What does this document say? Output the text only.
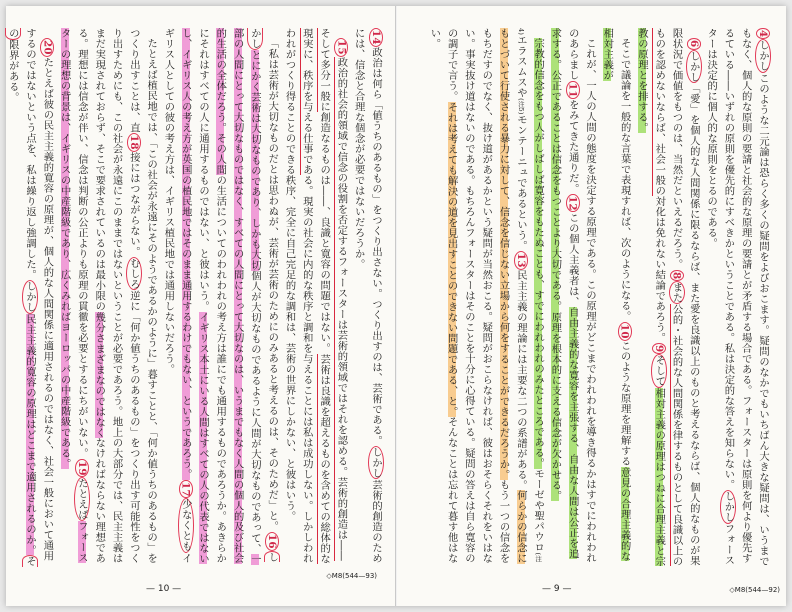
14政治は何ら「値うちのあるもの」をつくり出さない。つくり出すのは、芸術である。しかし芸術的創造のためには、信念と合理な個念が必要ではないだろうか。

15政治的社会的領域で信念の役割を否定するフォースターは芸術的領域ではそれを認める。芸術的創造は――そして多分一般に創造なるものは――、良識と寛容の問題ではない。芸術は良識を超えるものを含めての総体的な現実に、秩序を与える仕事である。現実の社会に内的な秩序と調和を与えることには私は成功しない。しかしわれわれがつくり得ることのできる秩序、完全に自己完足的な調和は、芸術の世界にしかない、と彼はいう。

「私は芸術が大切なものだとは思わぬが、芸術が芸術のためにのみあると考えるのは、そのためだ」と。16しかしとにかく芸術は大切なものであり、しかも大切個人が大切なものであるように人間が大切なものであって、一部の人間にとって大切なものではなく、すべての人間にとって大切なのは、いうまでもなく人間の個人的及び社会的生活の全体だろう。その人間の生活についてのわれわれの考え方は誰にでも通用するものであろうか。あきらかにそれはすべての人に通用するものではない、と彼はいう。イギリス本土にいる人間はすべての人の代表ではないし、イギリス人の考え方が英国の植民地ではそのまま通用するわけでもない、というであろう。17少なくともイギリス人としての彼の考え方は、イギリス植民地では通用しないだろう。

たとえば植民地では、「この社会が永遠にそのようであるかのように」暮すことと、「何か値うちのあるもの」をつくり出すことは、直18接にはつながらない。むしろ逆に「何か値うちのあるもの」をつくり出す可能性をつくり出すためにも、この社会が永遠にこのままではないということが必要であろう。地上の大部分では、民主主義はまだ実現されておらず、そこで要求されているのは最小限の幾分さまざまなのではなくなければならない理想である。理想には信念が伴い、信念は判断の公正よりも原理の貫徹を必要とするにちがいない。19たとえばフォースターの理想の背景は、イギリスの中産階級であり、広くみればヨーロッパの中産階級である。

20たとえば彼の民主主義的寛容の原理が、個人的な人間関係に適用されるのではなく、社会一般において通用するのではないという点を、私は繰り返し強調した。しかし民主主義的寛容の原理はどこまで適用されるのか。その限界がある。

— 10 —
◇M8(544—93)

4しかしこのような二元論は恐らく多くの疑問をよびおこます。疑問のなかでもいちばん大きな疑問は、いうまでもなく、個人的な原則の要請と社会的な原理の要請とが矛盾する場合である。フォースターは原則を何より優先するている――いずれの原則を優先的にすべきかということである。私は決定的な答えを知らない。しかしフォースターは決定的に個人的な原則をとるのである。

6しかし「愛」を個人的な人間関係に限るならば、また愛を良識以上のものと考えるならば、個人的なものが果限状況で価値をもつのは、当然だといえるだろう。8また公的・社会的な人間関係を律するものとして良識以上のものを認めないならば、社会一般の対化は免れない結論であろう。9そして相対主義の原理はつねに合理主義と宗教の原理とを排する。

そこで議論を一般的な言葉で表現すれば、次のようになる。10このような原理を理解する意見の合理主義的な相対主義が

これが、一人の人間の態度を決定する原理である。この原理がどこまでわれわれを導き得るかはすでにわれわれのあらまし11をみてきた通りだ。12この個人主義者は、自由主義的な寛容を主張する、自由な人間は公正を追求する。公正であることは信念をもつことより大切である。原理を根本的に支える信念が欠かせる。

宗教的信念をもつ人がしばしば寛容をもたぬことも、すでにわれわれのみたところである。モーゼや聖パウロ(注4)エラスムスや(注5)モンテーニュであるという。13民主主義の理論には主要な二つの系譜がある。何らかの信念にもとづいて行使される暴力に対して、信念を信じない立場から何をすることができるだろうか。もう一つの信念をもちだすのでなく、抜け道があるかという疑問が当然おこる。疑問がおこらなければ、彼はおそらくそれをいはない。事実抜け道はないのである。もちろんフォースターはそのことを十分に心得ている。疑問の答えは自ら寛容のの調子で言う。それは考えても解決の道を見出すことのできない問題である、と。そんなことは忘れて暮す他はない。

— 9 —	◇M8(544—92)
